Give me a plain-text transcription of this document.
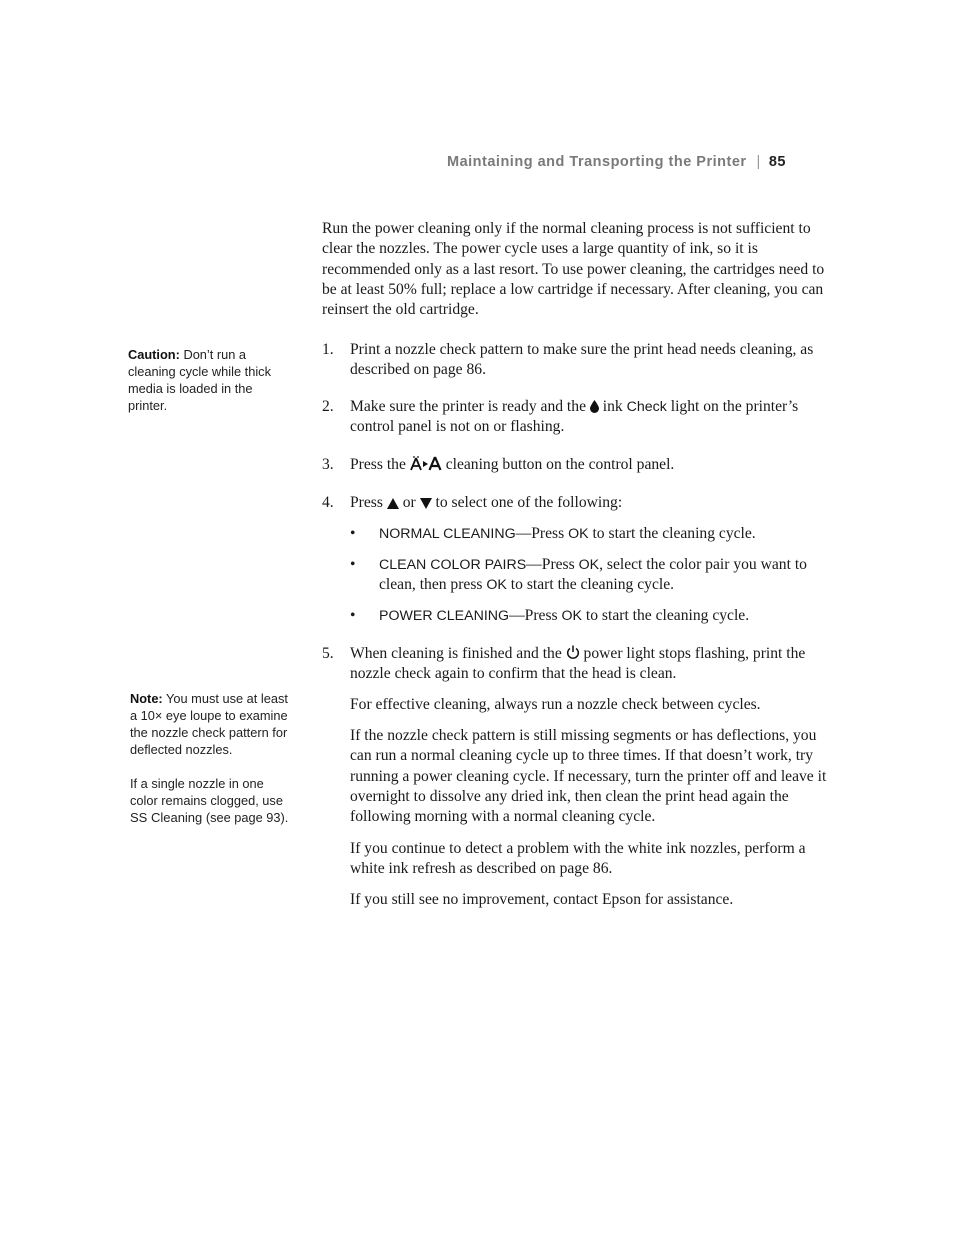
Maintaining and Transporting the Printer | 85
Run the power cleaning only if the normal cleaning process is not sufficient to clear the nozzles. The power cycle uses a large quantity of ink, so it is recommended only as a last resort. To use power cleaning, the cartridges need to be at least 50% full; replace a low cartridge if necessary. After cleaning, you can reinsert the old cartridge.
Caution: Don’t run a cleaning cycle while thick media is loaded in the printer.

Note: You must use at least a 10× eye loupe to examine the nozzle check pattern for deflected nozzles.

If a single nozzle in one color remains clogged, use SS Cleaning (see page 93).

1. Print a nozzle check pattern to make sure the print head needs cleaning, as described on page 86.
2. Make sure the printer is ready and the  ink Check light on the printer’s control panel is not on or flashing.
3. Press the  cleaning button on the control panel.
4. Press  or  to select one of the following:
• NORMAL CLEANING—Press OK to start the cleaning cycle.
• CLEAN COLOR PAIRS—Press OK, select the color pair you want to clean, then press OK to start the cleaning cycle.
• POWER CLEANING—Press OK to start the cleaning cycle.
5. When cleaning is finished and the  power light stops flashing, print the nozzle check again to confirm that the head is clean.
For effective cleaning, always run a nozzle check between cycles.
If the nozzle check pattern is still missing segments or has deflections, you can run a normal cleaning cycle up to three times. If that doesn’t work, try running a power cleaning cycle. If necessary, turn the printer off and leave it overnight to dissolve any dried ink, then clean the print head again the following morning with a normal cleaning cycle.
If you continue to detect a problem with the white ink nozzles, perform a white ink refresh as described on page 86.
If you still see no improvement, contact Epson for assistance.
